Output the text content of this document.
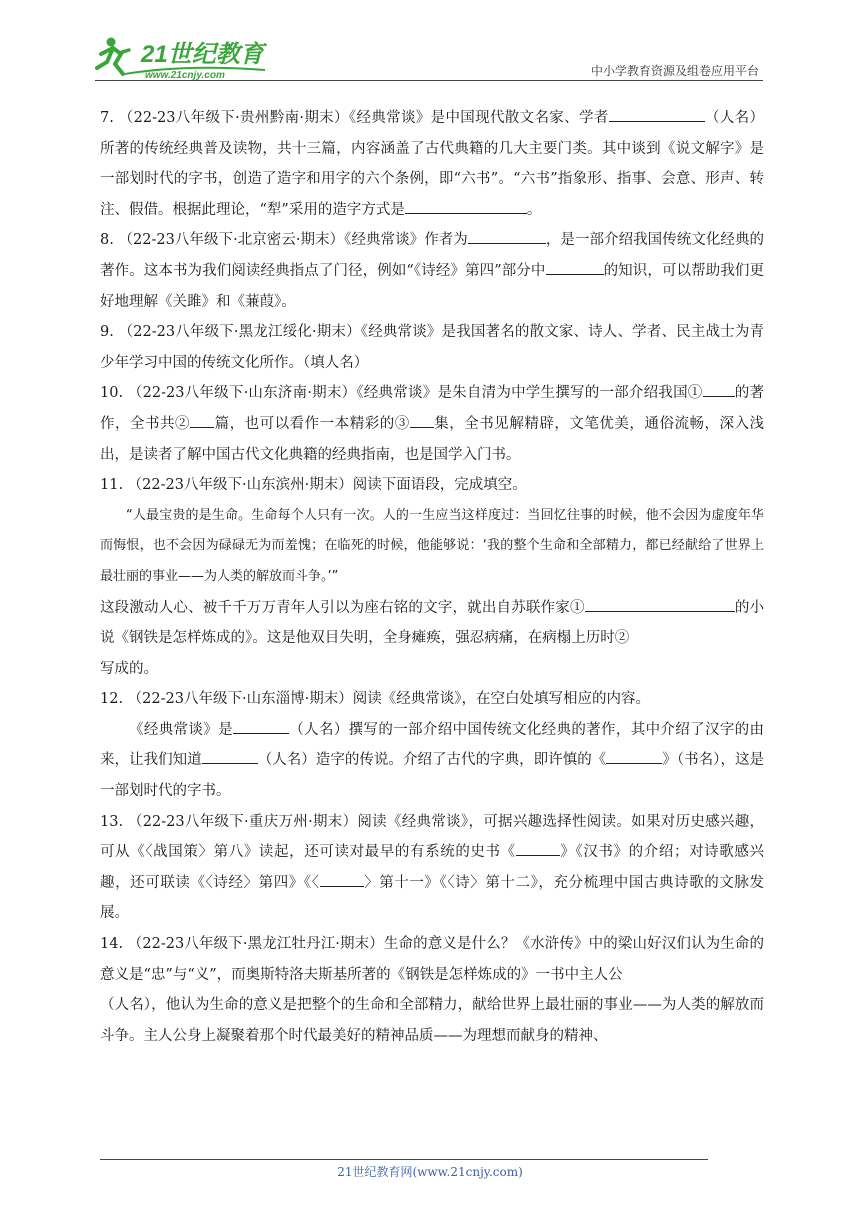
21世纪教育
www.21cnjy.com	中小学教育资源及组卷应用平台

7. （22-23八年级下·贵州黔南·期末）《经典常谈》是中国现代散文名家、学者	（人名）所著的传统经典普及读物，共十三篇，内容涵盖了古代典籍的几大主要门类。其中谈到《说文解字》是一部划时代的字书，创造了造字和用字的六个条例，即“六书”。“六书”指象形、指事、会意、形声、转注、假借。根据此理论，“犁”采用的造字方式是	。

8. （22-23八年级下·北京密云·期末）《经典常谈》作者为	，是一部介绍我国传统文化经典的著作。这本书为我们阅读经典指点了门径，例如“《诗经》第四”部分中	的知识，可以帮助我们更好地理解《关雎》和《蒹葭》。

9. （22-23八年级下·黑龙江绥化·期末）《经典常谈》是我国著名的散文家、诗人、学者、民主战士为青少年学习中国的传统文化所作。（填人名）

10. （22-23八年级下·山东济南·期末）《经典常谈》是朱自清为中学生撰写的一部介绍我国① 的著作，全书共② 篇，也可以看作一本精彩的③ 集，全书见解精辟，文笔优美，通俗流畅，深入浅出，是读者了解中国古代文化典籍的经典指南，也是国学入门书。

11. （22-23八年级下·山东滨州·期末）阅读下面语段，完成填空。

“人最宝贵的是生命。生命每个人只有一次。人的一生应当这样度过：当回忆往事的时候，他不会因为虚度年华而悔恨，也不会因为碌碌无为而羞愧；在临死的时候，他能够说：‘我的整个生命和全部精力，都已经献给了世界上最壮丽的事业——为人类的解放而斗争。’”

这段激动人心、被千千万万青年人引以为座右铭的文字，就出自苏联作家①	的小说《钢铁是怎样炼成的》。这是他双目失明，全身瘫痪，强忍病痛，在病榻上历时②
写成的。

12. （22-23八年级下·山东淄博·期末）阅读《经典常谈》，在空白处填写相应的内容。

《经典常谈》是	（人名）撰写的一部介绍中国传统文化经典的著作，其中介绍了汉字的由来，让我们知道	（人名）造字的传说。介绍了古代的字典，即许慎的《	》（书名），这是一部划时代的字书。

13. （22-23八年级下·重庆万州·期末）阅读《经典常谈》，可据兴趣选择性阅读。如果对历史感兴趣，可从《〈战国策〉第八》读起，还可读对最早的有系统的史书《	》《汉书》的介绍；对诗歌感兴趣，还可联读《〈诗经〉第四》《〈	〉第十一》《〈诗〉第十二》，充分梳理中国古典诗歌的文脉发展。

14. （22-23八年级下·黑龙江牡丹江·期末）生命的意义是什么？《水浒传》中的梁山好汉们认为生命的意义是“忠”与“义”，而奥斯特洛夫斯基所著的《钢铁是怎样炼成的》一书中主人公
（人名），他认为生命的意义是把整个的生命和全部精力，献给世界上最壮丽的事业——为人类的解放而斗争。主人公身上凝聚着那个时代最美好的精神品质——为理想而献身的精神、

21世纪教育网(www.21cnjy.com)
